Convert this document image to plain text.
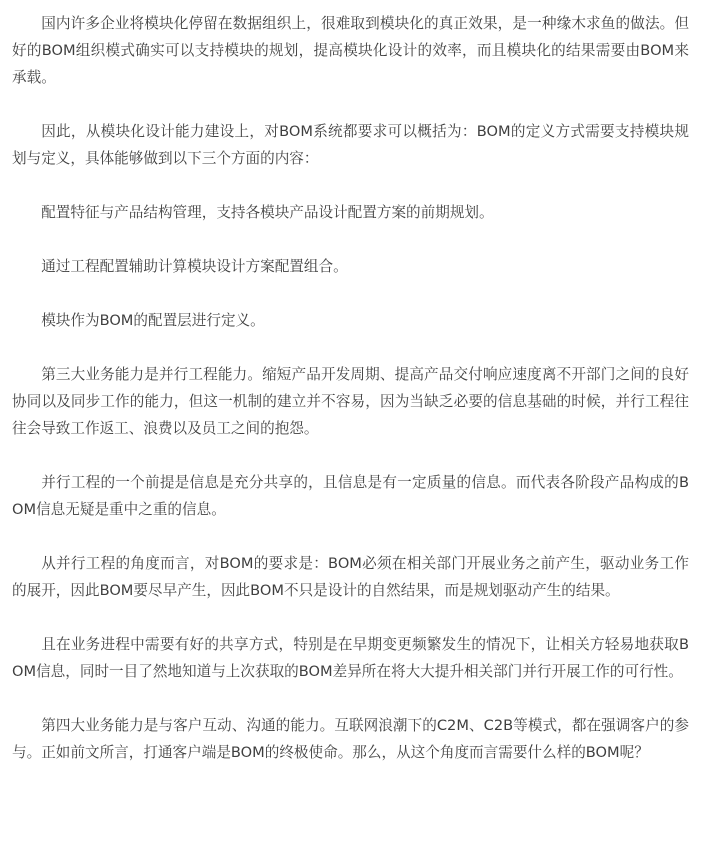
国内许多企业将模块化停留在数据组织上，很难取到模块化的真正效果，是一种缘木求鱼的做法。但好的BOM组织模式确实可以支持模块的规划，提高模块化设计的效率，而且模块化的结果需要由BOM来承载。

因此，从模块化设计能力建设上，对BOM系统都要求可以概括为：BOM的定义方式需要支持模块规划与定义，具体能够做到以下三个方面的内容：

配置特征与产品结构管理，支持各模块产品设计配置方案的前期规划。

通过工程配置辅助计算模块设计方案配置组合。

模块作为BOM的配置层进行定义。

第三大业务能力是并行工程能力。缩短产品开发周期、提高产品交付响应速度离不开部门之间的良好协同以及同步工作的能力，但这一机制的建立并不容易，因为当缺乏必要的信息基础的时候，并行工程往往会导致工作返工、浪费以及员工之间的抱怨。

并行工程的一个前提是信息是充分共享的，且信息是有一定质量的信息。而代表各阶段产品构成的BOM信息无疑是重中之重的信息。

从并行工程的角度而言，对BOM的要求是：BOM必须在相关部门开展业务之前产生，驱动业务工作的展开，因此BOM要尽早产生，因此BOM不只是设计的自然结果，而是规划驱动产生的结果。

且在业务进程中需要有好的共享方式，特别是在早期变更频繁发生的情况下，让相关方轻易地获取BOM信息，同时一目了然地知道与上次获取的BOM差异所在将大大提升相关部门并行开展工作的可行性。

第四大业务能力是与客户互动、沟通的能力。互联网浪潮下的C2M、C2B等模式，都在强调客户的参与。正如前文所言，打通客户端是BOM的终极使命。那么，从这个角度而言需要什么样的BOM呢？
